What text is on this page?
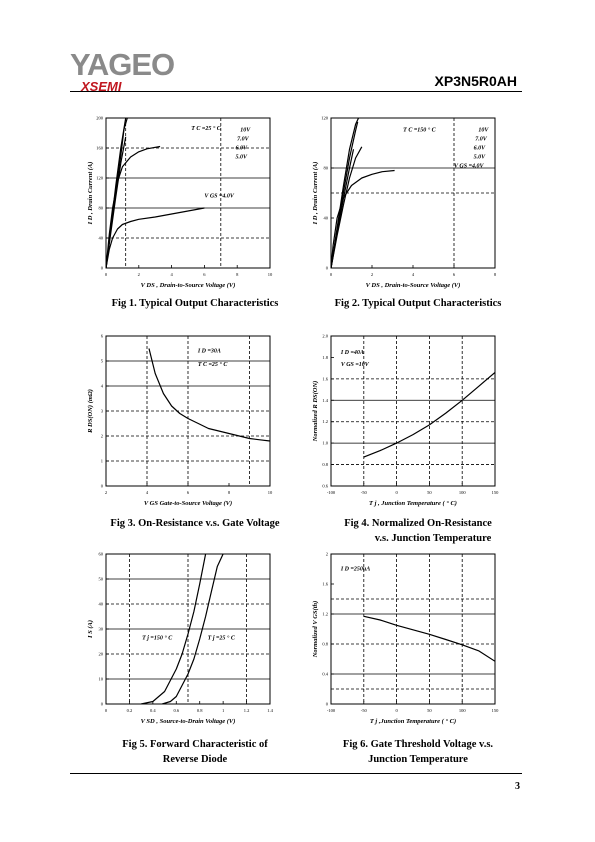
YAGEO
XSEMI	XP3N5R0AH
0	2	4	6	8	10
0
40
80
120
160
200
V DS , Drain-to-Source Voltage (V)
I D , Drain Current (A)
T C =25 ° C	10V
7.0V
6.0V
5.0V
V GS =4.0V
0	2	4	6	8
0
40
80
120
V DS , Drain-to-Source Voltage (V)
I D , Drain Current (A)
T C =150 ° C	10V
7.0V
6.0V
5.0V
V GS =4.0V
2	4	6	8	10
0
1
2
3
4
5
6
V GS Gate-to-Source Voltage (V)
R DS(ON) (mΩ)
I D =30A
T C =25 ° C
-100	-50	0	50	100	150
0.6
0.8
1.0
1.2
1.4
1.6
1.8
2.0
T j , Junction Temperature ( ° C)
Normalized R DS(ON)
I D =40A
V GS =10V
0	0.2	0.4	0.6	0.8	1	1.2	1.4
0
10
20
30
40
50
60
V SD , Source-to-Drain Voltage (V)
I S (A)
T j =150 ° C	T j =25 ° C
-100	-50	0	50	100	150
0
0.4
0.8
1.2
1.6
2
T j ,Junction Temperature ( ° C)
Normalized V GS(th)
I D =250uA
Fig 1. Typical Output Characteristics	Fig 2. Typical Output Characteristics
Fig 3. On-Resistance v.s. Gate Voltage	Fig 4. Normalized On-Resistance
v.s. Junction Temperature
Fig 5. Forward Characteristic of
Reverse Diode
Fig 6. Gate Threshold Voltage v.s.
Junction Temperature
3
